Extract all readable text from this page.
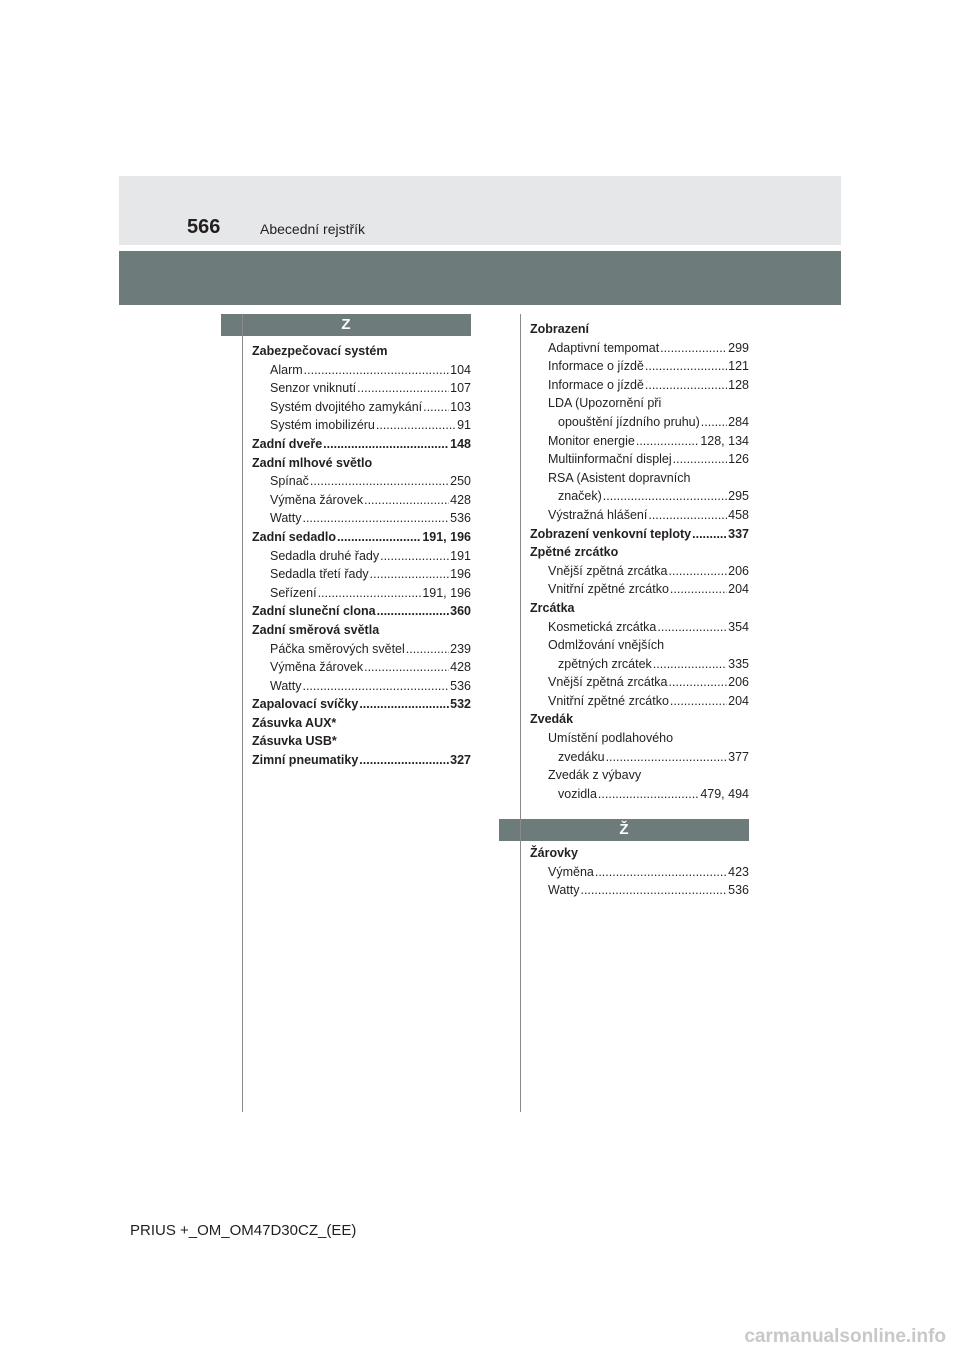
566	Abecední rejstřík
Z
Ž
Zabezpečovací systém
Alarm .....	104
Senzor vniknutí .....	107
Systém dvojitého zamykání ..... 103
Systém imobilizéru .....	91
Zadní dveře .....	148
Zadní mlhové světlo
Spínač .....	250
Výměna žárovek .....	428
Watty .....	536
Zadní sedadlo .....	191, 196
Sedadla druhé řady .....	191
Sedadla třetí řady .....	196
Seřízení .....	191, 196
Zadní sluneční clona .....	360
Zadní směrová světla
Páčka směrových světel .....	239
Výměna žárovek .....	428
Watty .....	536
Zapalovací svíčky .....	532
Zásuvka AUX*
Zásuvka USB*
Zimní pneumatiky .....	327
Zobrazení
Adaptivní tempomat .....	299
Informace o jízdě .....	121
Informace o jízdě .....	128
LDA (Upozornění při
opouštění jízdního pruhu) ..... 284
Monitor energie .....	128, 134
Multiinformační displej .....	126
RSA (Asistent dopravních
značek) .....	295
Výstražná hlášení .....	458
Zobrazení venkovní teploty .....	337
Zpětné zrcátko
Vnější zpětná zrcátka .....	206
Vnitřní zpětné zrcátko .....	204
Zrcátka
Kosmetická zrcátka .....	354
Odmlžování vnějších
zpětných zrcátek .....	335
Vnější zpětná zrcátka .....	206
Vnitřní zpětné zrcátko .....	204
Zvedák
Umístění podlahového
zvedáku .....	377
Zvedák z výbavy
vozidla .....	479, 494
Žárovky
Výměna .....	423
Watty .....	536
PRIUS +_OM_OM47D30CZ_(EE)
carmanualsonline.info
